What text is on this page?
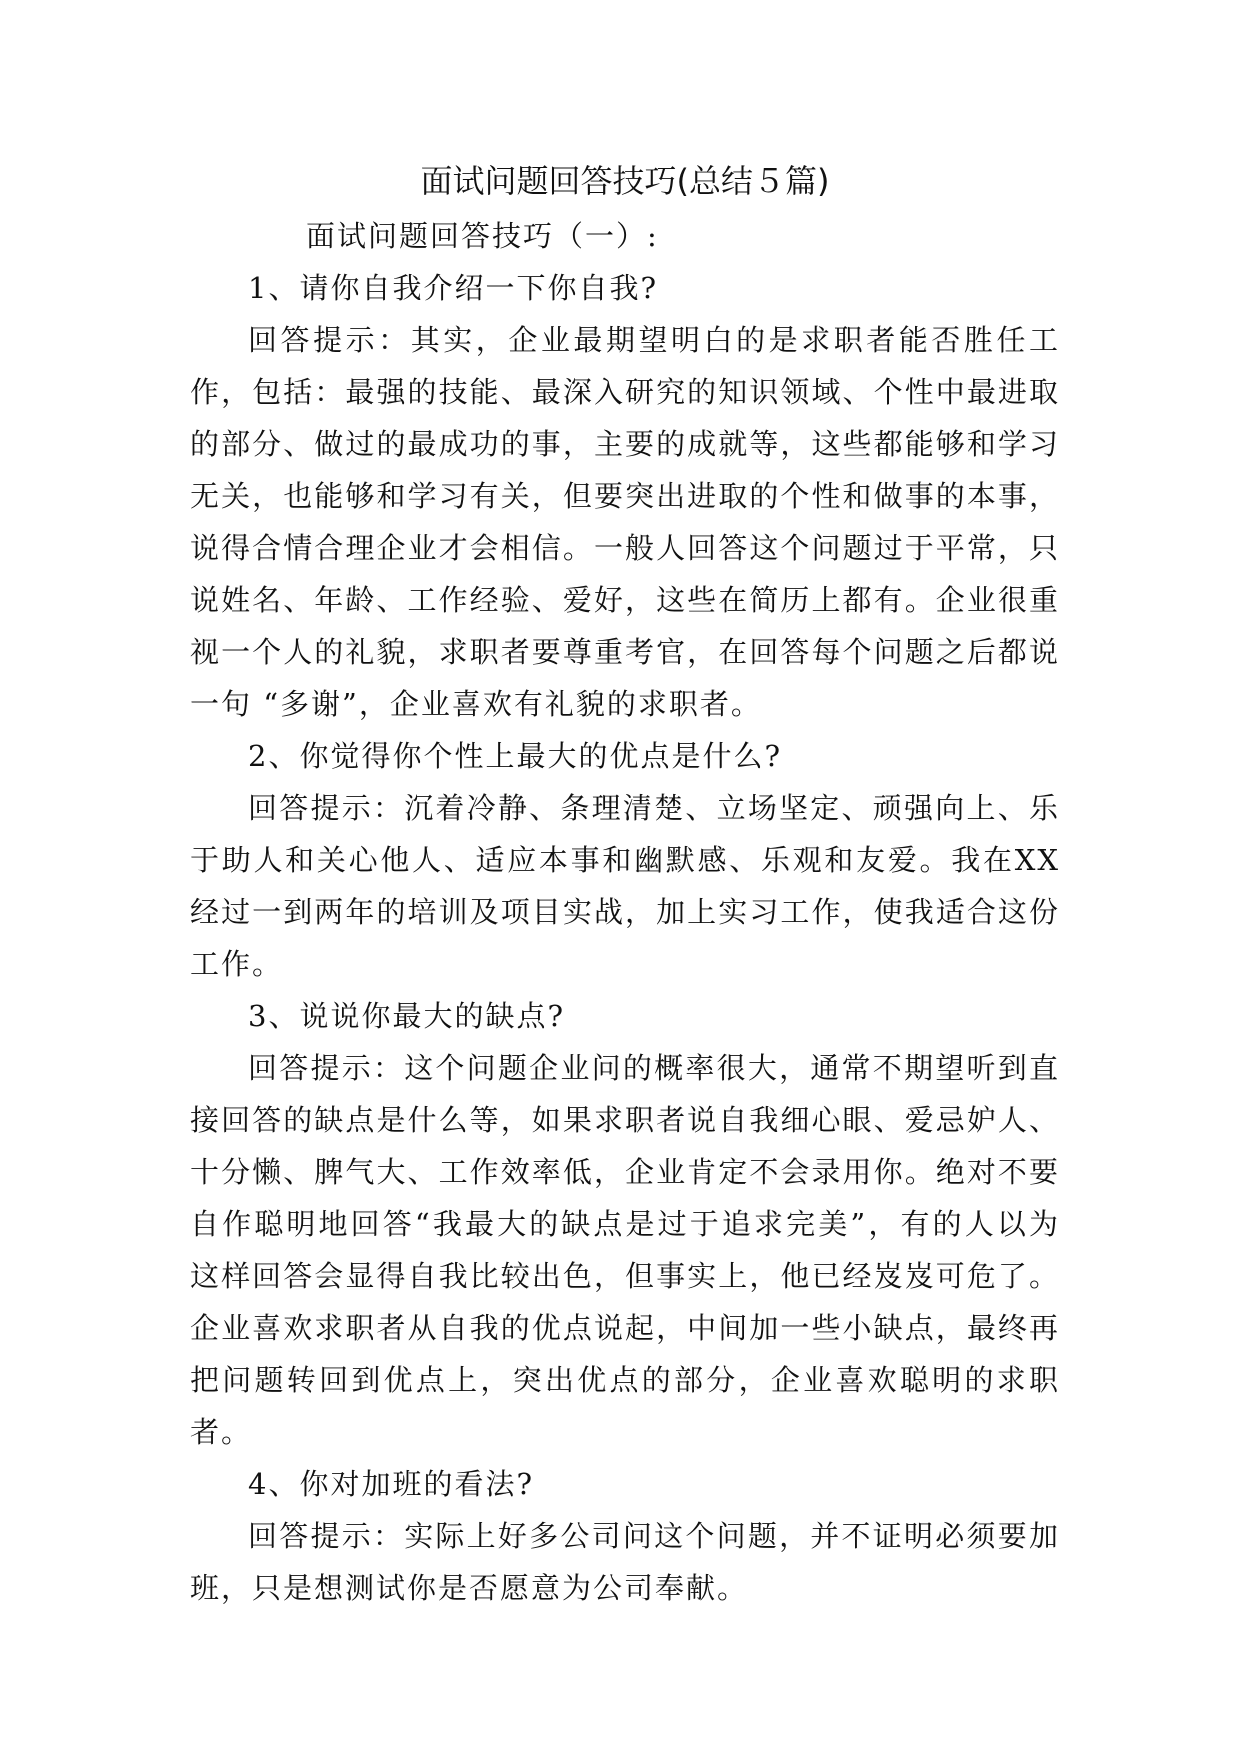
面试问题回答技巧(总结５篇)

面试问题回答技巧（一）:

1、请你自我介绍一下你自我?

回答提示：其实，企业最期望明白的是求职者能否胜任工作，包括：最强的技能、最深入研究的知识领域、个性中最进取的部分、做过的最成功的事，主要的成就等，这些都能够和学习无关，也能够和学习有关，但要突出进取的个性和做事的本事，说得合情合理企业才会相信。一般人回答这个问题过于平常，只说姓名、年龄、工作经验、爱好，这些在简历上都有。企业很重视一个人的礼貌，求职者要尊重考官，在回答每个问题之后都说一句 “多谢”，企业喜欢有礼貌的求职者。

2、你觉得你个性上最大的优点是什么?

回答提示：沉着冷静、条理清楚、立场坚定、顽强向上、乐于助人和关心他人、适应本事和幽默感、乐观和友爱。我在XX经过一到两年的培训及项目实战，加上实习工作，使我适合这份工作。

3、说说你最大的缺点?

回答提示：这个问题企业问的概率很大，通常不期望听到直接回答的缺点是什么等，如果求职者说自我细心眼、爱忌妒人、十分懒、脾气大、工作效率低，企业肯定不会录用你。绝对不要自作聪明地回答“我最大的缺点是过于追求完美”，有的人以为这样回答会显得自我比较出色，但事实上，他已经岌岌可危了。企业喜欢求职者从自我的优点说起，中间加一些小缺点，最终再把问题转回到优点上，突出优点的部分，企业喜欢聪明的求职者。

4、你对加班的看法?

回答提示：实际上好多公司问这个问题，并不证明必须要加班，只是想测试你是否愿意为公司奉献。
